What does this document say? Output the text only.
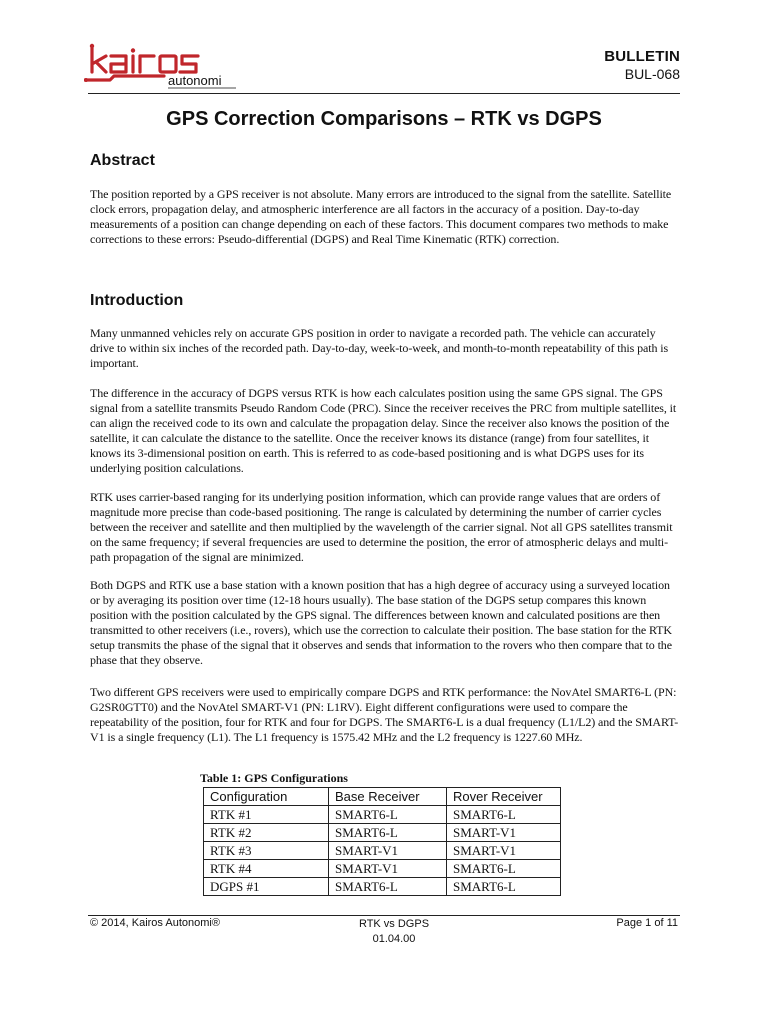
autonomi
BULLETIN
BUL-068
GPS Correction Comparisons – RTK vs DGPS
Abstract

The position reported by a GPS receiver is not absolute. Many errors are introduced to the signal from the satellite. Satellite clock errors, propagation delay, and atmospheric interference are all factors in the accuracy of a position. Day-to-day measurements of a position can change depending on each of these factors. This document compares two methods to make corrections to these errors: Pseudo-differential (DGPS) and Real Time Kinematic (RTK) correction.

Introduction

Many unmanned vehicles rely on accurate GPS position in order to navigate a recorded path. The vehicle can accurately drive to within six inches of the recorded path. Day-to-day, week-to-week, and month-to-month repeatability of this path is important.

The difference in the accuracy of DGPS versus RTK is how each calculates position using the same GPS signal. The GPS signal from a satellite transmits Pseudo Random Code (PRC). Since the receiver receives the PRC from multiple satellites, it can align the received code to its own and calculate the propagation delay. Since the receiver also knows the position of the satellite, it can calculate the distance to the satellite. Once the receiver knows its distance (range) from four satellites, it knows its 3-dimensional position on earth. This is referred to as code-based positioning and is what DGPS uses for its underlying position calculations.

RTK uses carrier-based ranging for its underlying position information, which can provide range values that are orders of magnitude more precise than code-based positioning. The range is calculated by determining the number of carrier cycles between the receiver and satellite and then multiplied by the wavelength of the carrier signal. Not all GPS satellites transmit on the same frequency; if several frequencies are used to determine the position, the error of atmospheric delays and multi-path propagation of the signal are minimized.

Both DGPS and RTK use a base station with a known position that has a high degree of accuracy using a surveyed location or by averaging its position over time (12-18 hours usually). The base station of the DGPS setup compares this known position with the position calculated by the GPS signal. The differences between known and calculated positions are then transmitted to other receivers (i.e., rovers), which use the correction to calculate their position. The base station for the RTK setup transmits the phase of the signal that it observes and sends that information to the rovers who then compare that to the phase that they observe.

Two different GPS receivers were used to empirically compare DGPS and RTK performance: the NovAtel SMART6-L (PN: G2SR0GTT0) and the NovAtel SMART-V1 (PN: L1RV). Eight different configurations were used to compare the repeatability of the position, four for RTK and four for DGPS. The SMART6-L is a dual frequency (L1/L2) and the SMART-V1 is a single frequency (L1). The L1 frequency is 1575.42 MHz and the L2 frequency is 1227.60 MHz.

Table 1: GPS Configurations
Configuration	Base Receiver	Rover Receiver
RTK #1	SMART6-L	SMART6-L
RTK #2	SMART6-L	SMART-V1
RTK #3	SMART-V1	SMART-V1
RTK #4	SMART-V1	SMART6-L
DGPS #1	SMART6-L	SMART6-L
© 2014, Kairos Autonomi®	RTK vs DGPS
01.04.00
Page 1 of 11
